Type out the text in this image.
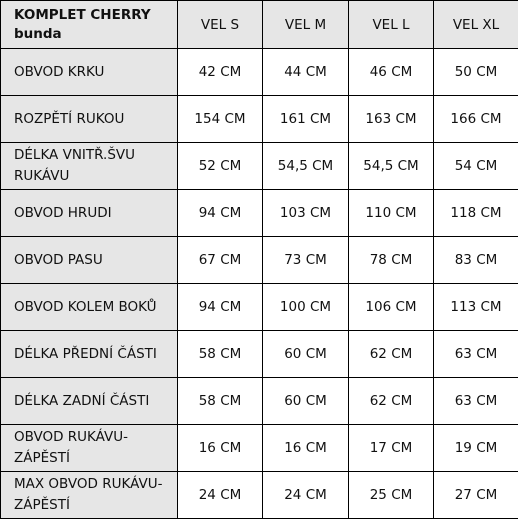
KOMPLET CHERRY
bunda	VEL S	VEL M	VEL L	VEL XL
OBVOD KRKU	42 CM	44 CM	46 CM	50 CM
ROZPĚTÍ RUKOU	154 CM	161 CM	163 CM	166 CM
DÉLKA VNITŘ.ŠVU RUKÁVU	52 CM	54,5 CM	54,5 CM	54 CM
OBVOD HRUDI	94 CM	103 CM	110 CM	118 CM
OBVOD PASU	67 CM	73 CM	78 CM	83 CM
OBVOD KOLEM BOKŮ	94 CM	100 CM	106 CM	113 CM
DÉLKA PŘEDNÍ ČÁSTI	58 CM	60 CM	62 CM	63 CM
DÉLKA ZADNÍ ČÁSTI	58 CM	60 CM	62 CM	63 CM
OBVOD RUKÁVU-ZÁPĚSTÍ	16 CM	16 CM	17 CM	19 CM
MAX OBVOD RUKÁVU-ZÁPĚSTÍ	24 CM	24 CM	25 CM	27 CM
